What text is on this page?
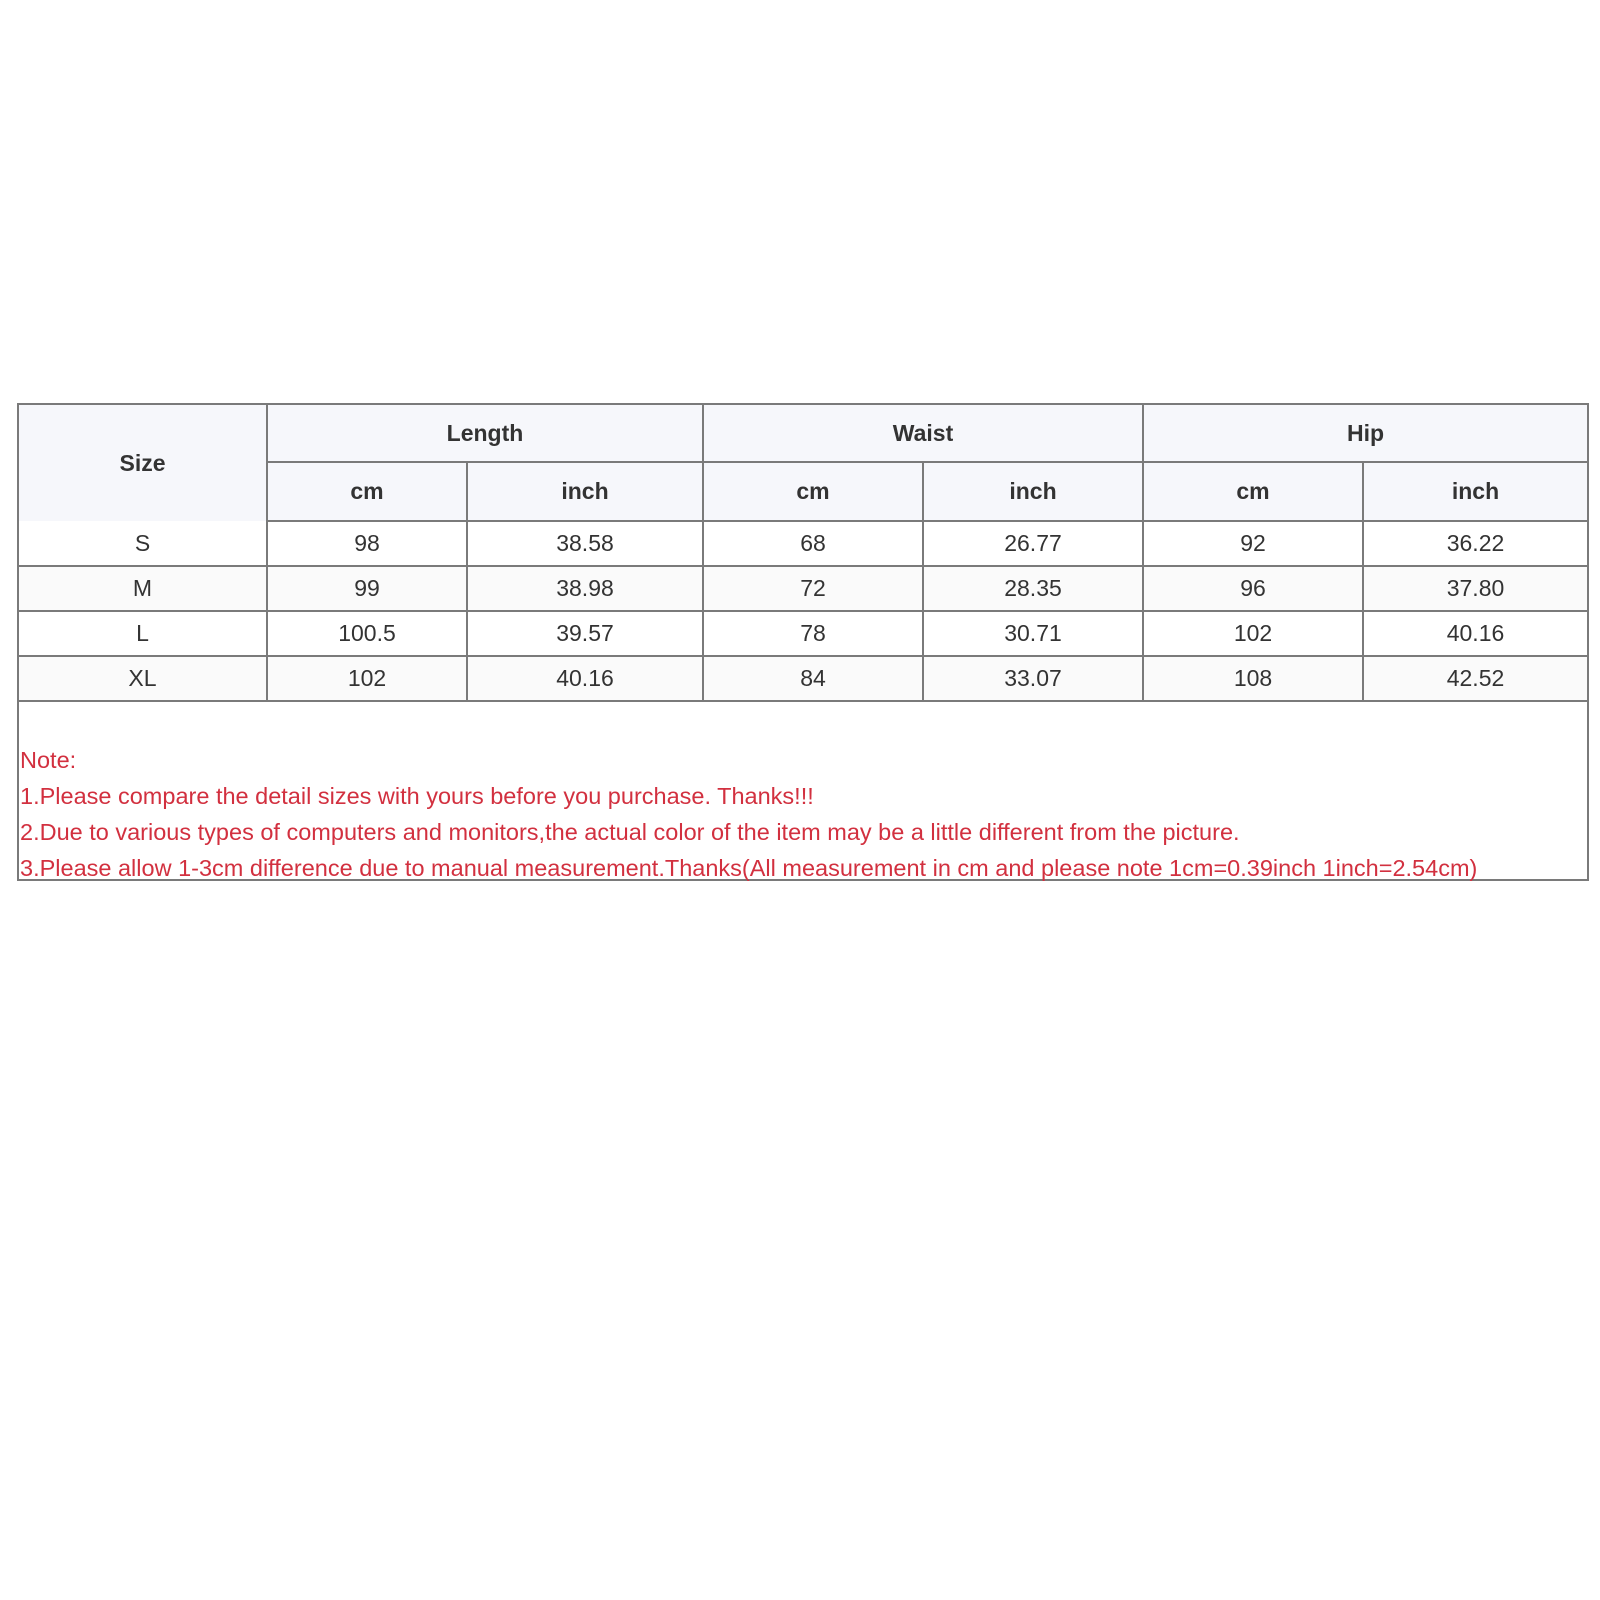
Size	Length		Waist		Hip	
	cm	inch	cm	inch	cm	inch
S	98	38.58	68	26.77	92	36.22
M	99	38.98	72	28.35	96	37.80
L	100.5	39.57	78	30.71	102	40.16
XL	102	40.16	84	33.07	108	42.52
Note:
1.Please compare the detail sizes with yours before you purchase. Thanks!!!
2.Due to various types of computers and monitors,the actual color of the item may be a little different from the picture.
3.Please allow 1-3cm difference due to manual measurement.Thanks(All measurement in cm and please note 1cm=0.39inch 1inch=2.54cm)
